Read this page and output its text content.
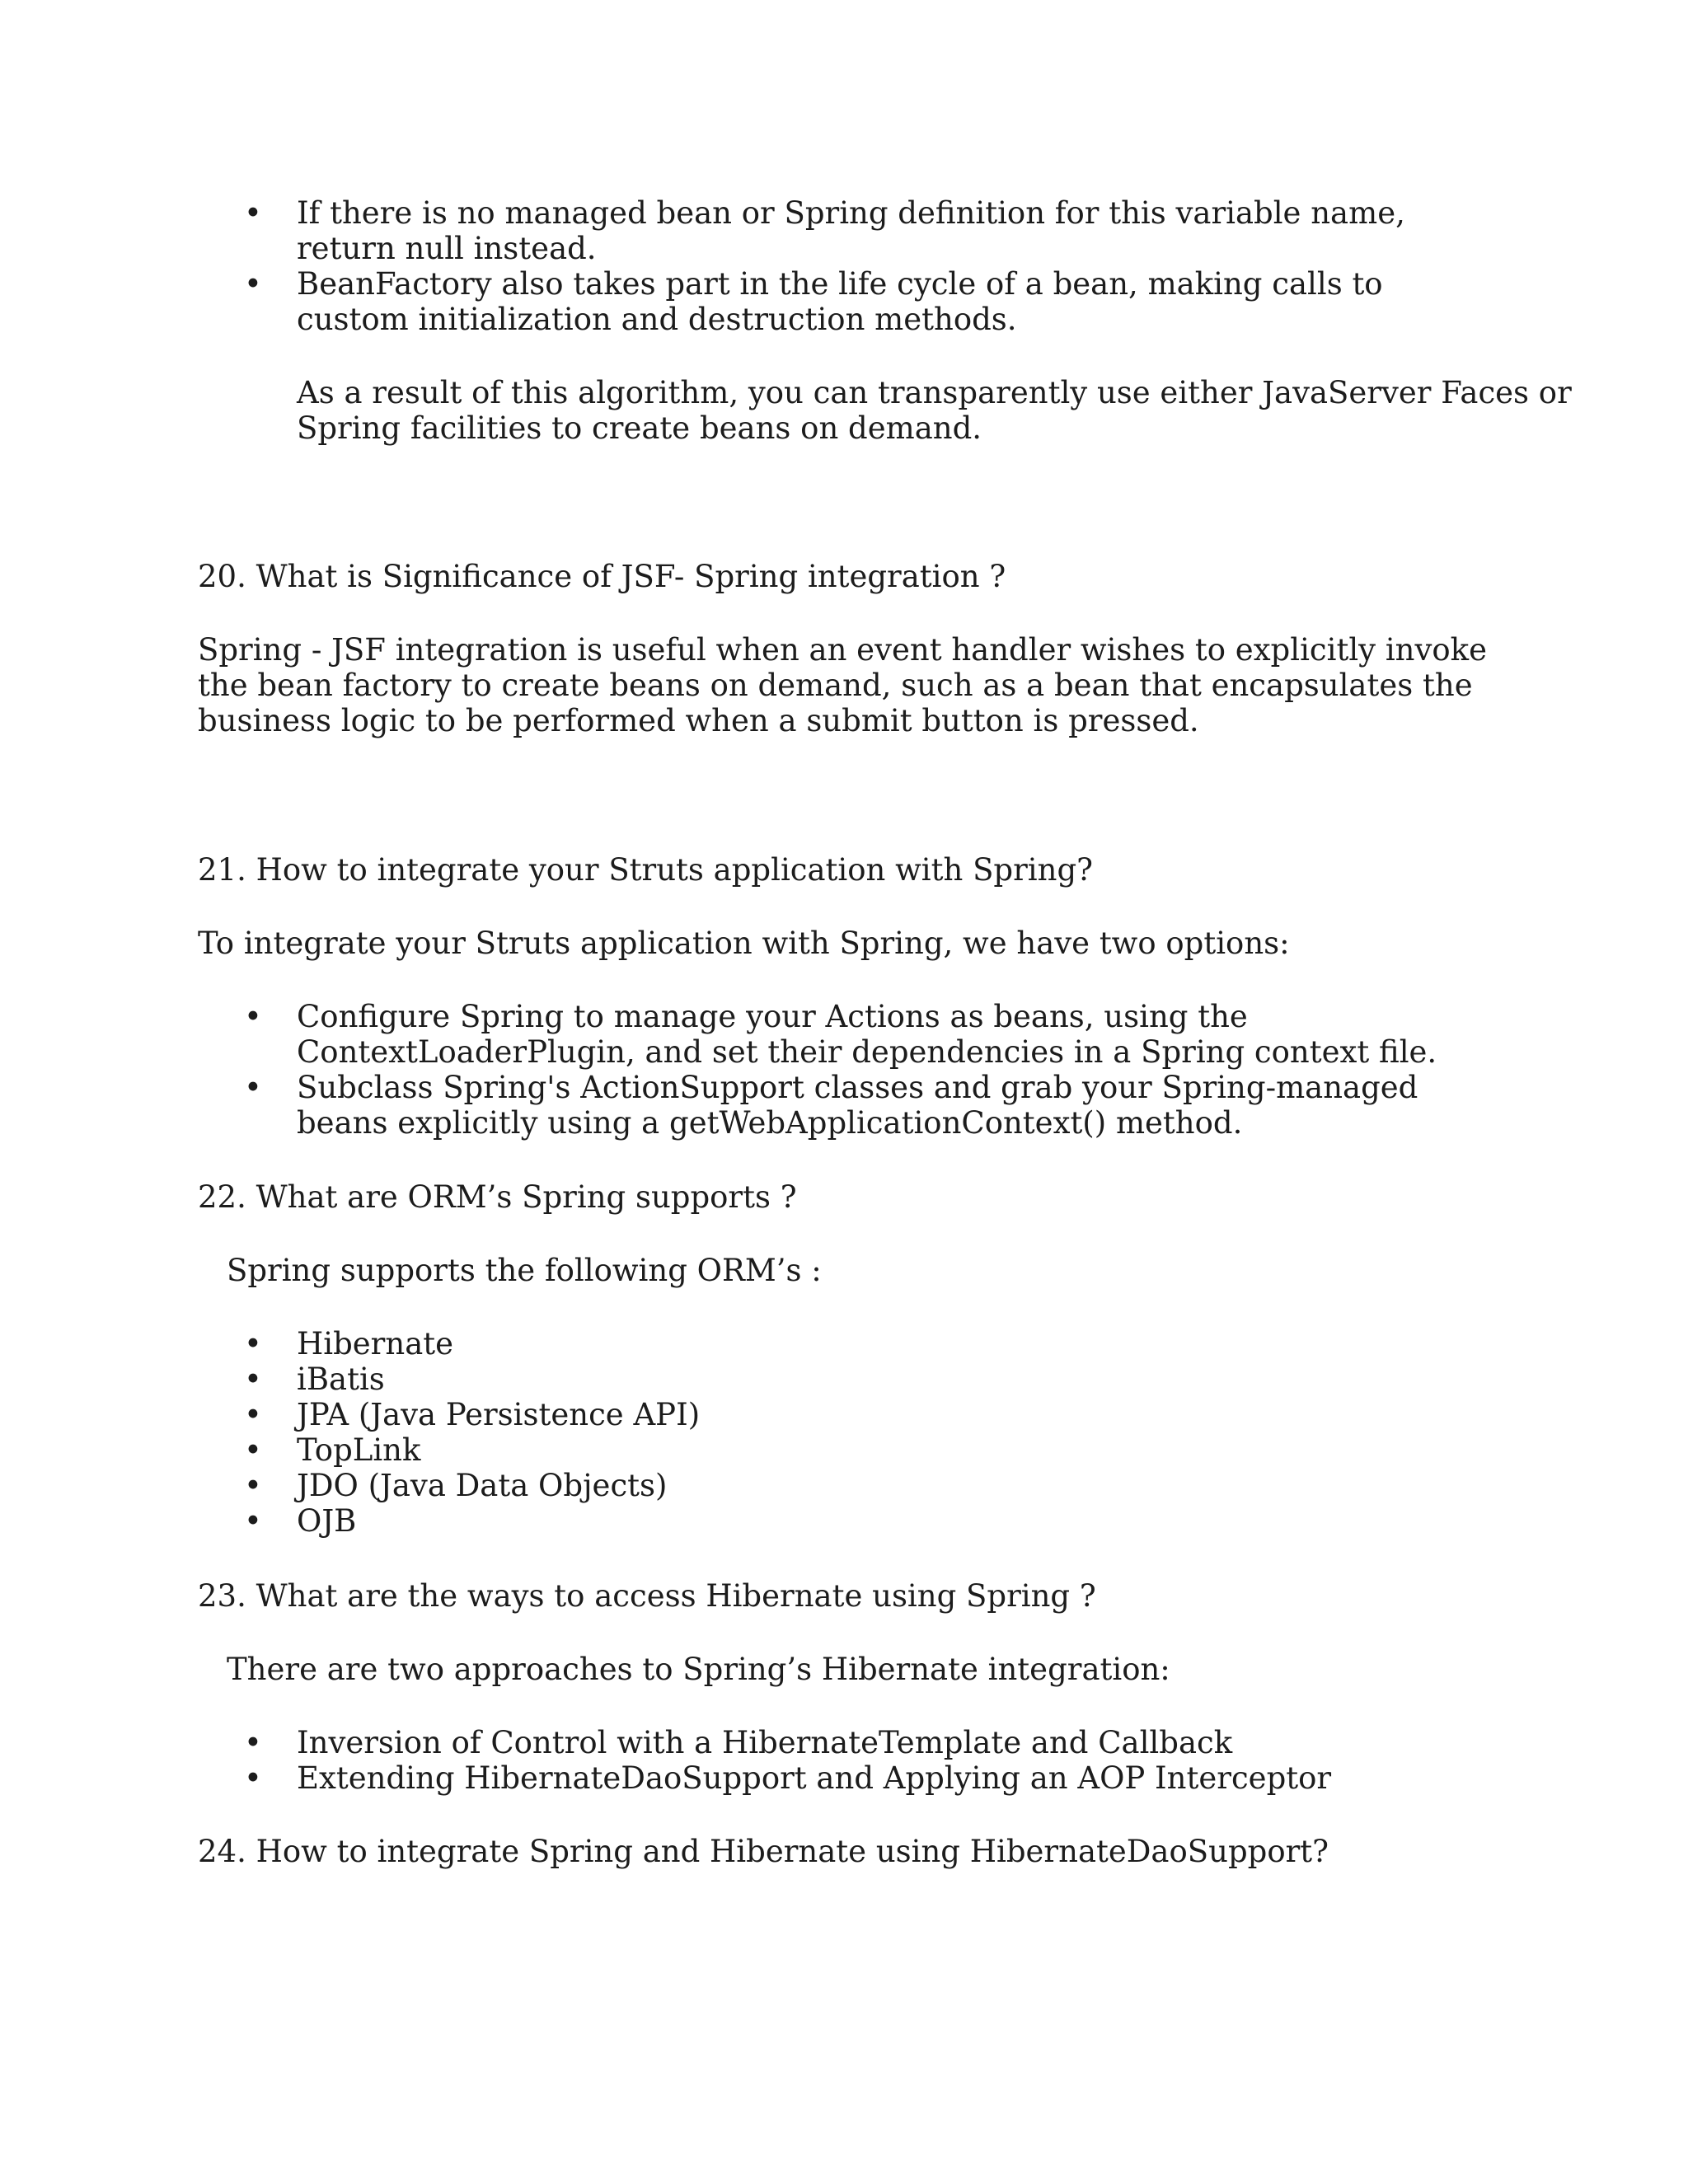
• If there is no managed bean or Spring definition for this variable name, return null instead.
• BeanFactory also takes part in the life cycle of a bean, making calls to custom initialization and destruction methods.

As a result of this algorithm, you can transparently use either JavaServer Faces or Spring facilities to create beans on demand.

20. What is Significance of JSF- Spring integration ?

Spring - JSF integration is useful when an event handler wishes to explicitly invoke the bean factory to create beans on demand, such as a bean that encapsulates the business logic to be performed when a submit button is pressed.

21. How to integrate your Struts application with Spring?

To integrate your Struts application with Spring, we have two options:

• Configure Spring to manage your Actions as beans, using the ContextLoaderPlugin, and set their dependencies in a Spring context file.
• Subclass Spring's ActionSupport classes and grab your Spring-managed beans explicitly using a getWebApplicationContext() method.

22. What are ORM’s Spring supports ?

Spring supports the following ORM’s :

• Hibernate
• iBatis
• JPA (Java Persistence API)
• TopLink
• JDO (Java Data Objects)
• OJB

23. What are the ways to access Hibernate using Spring ?

There are two approaches to Spring’s Hibernate integration:

• Inversion of Control with a HibernateTemplate and Callback
• Extending HibernateDaoSupport and Applying an AOP Interceptor

24. How to integrate Spring and Hibernate using HibernateDaoSupport?
